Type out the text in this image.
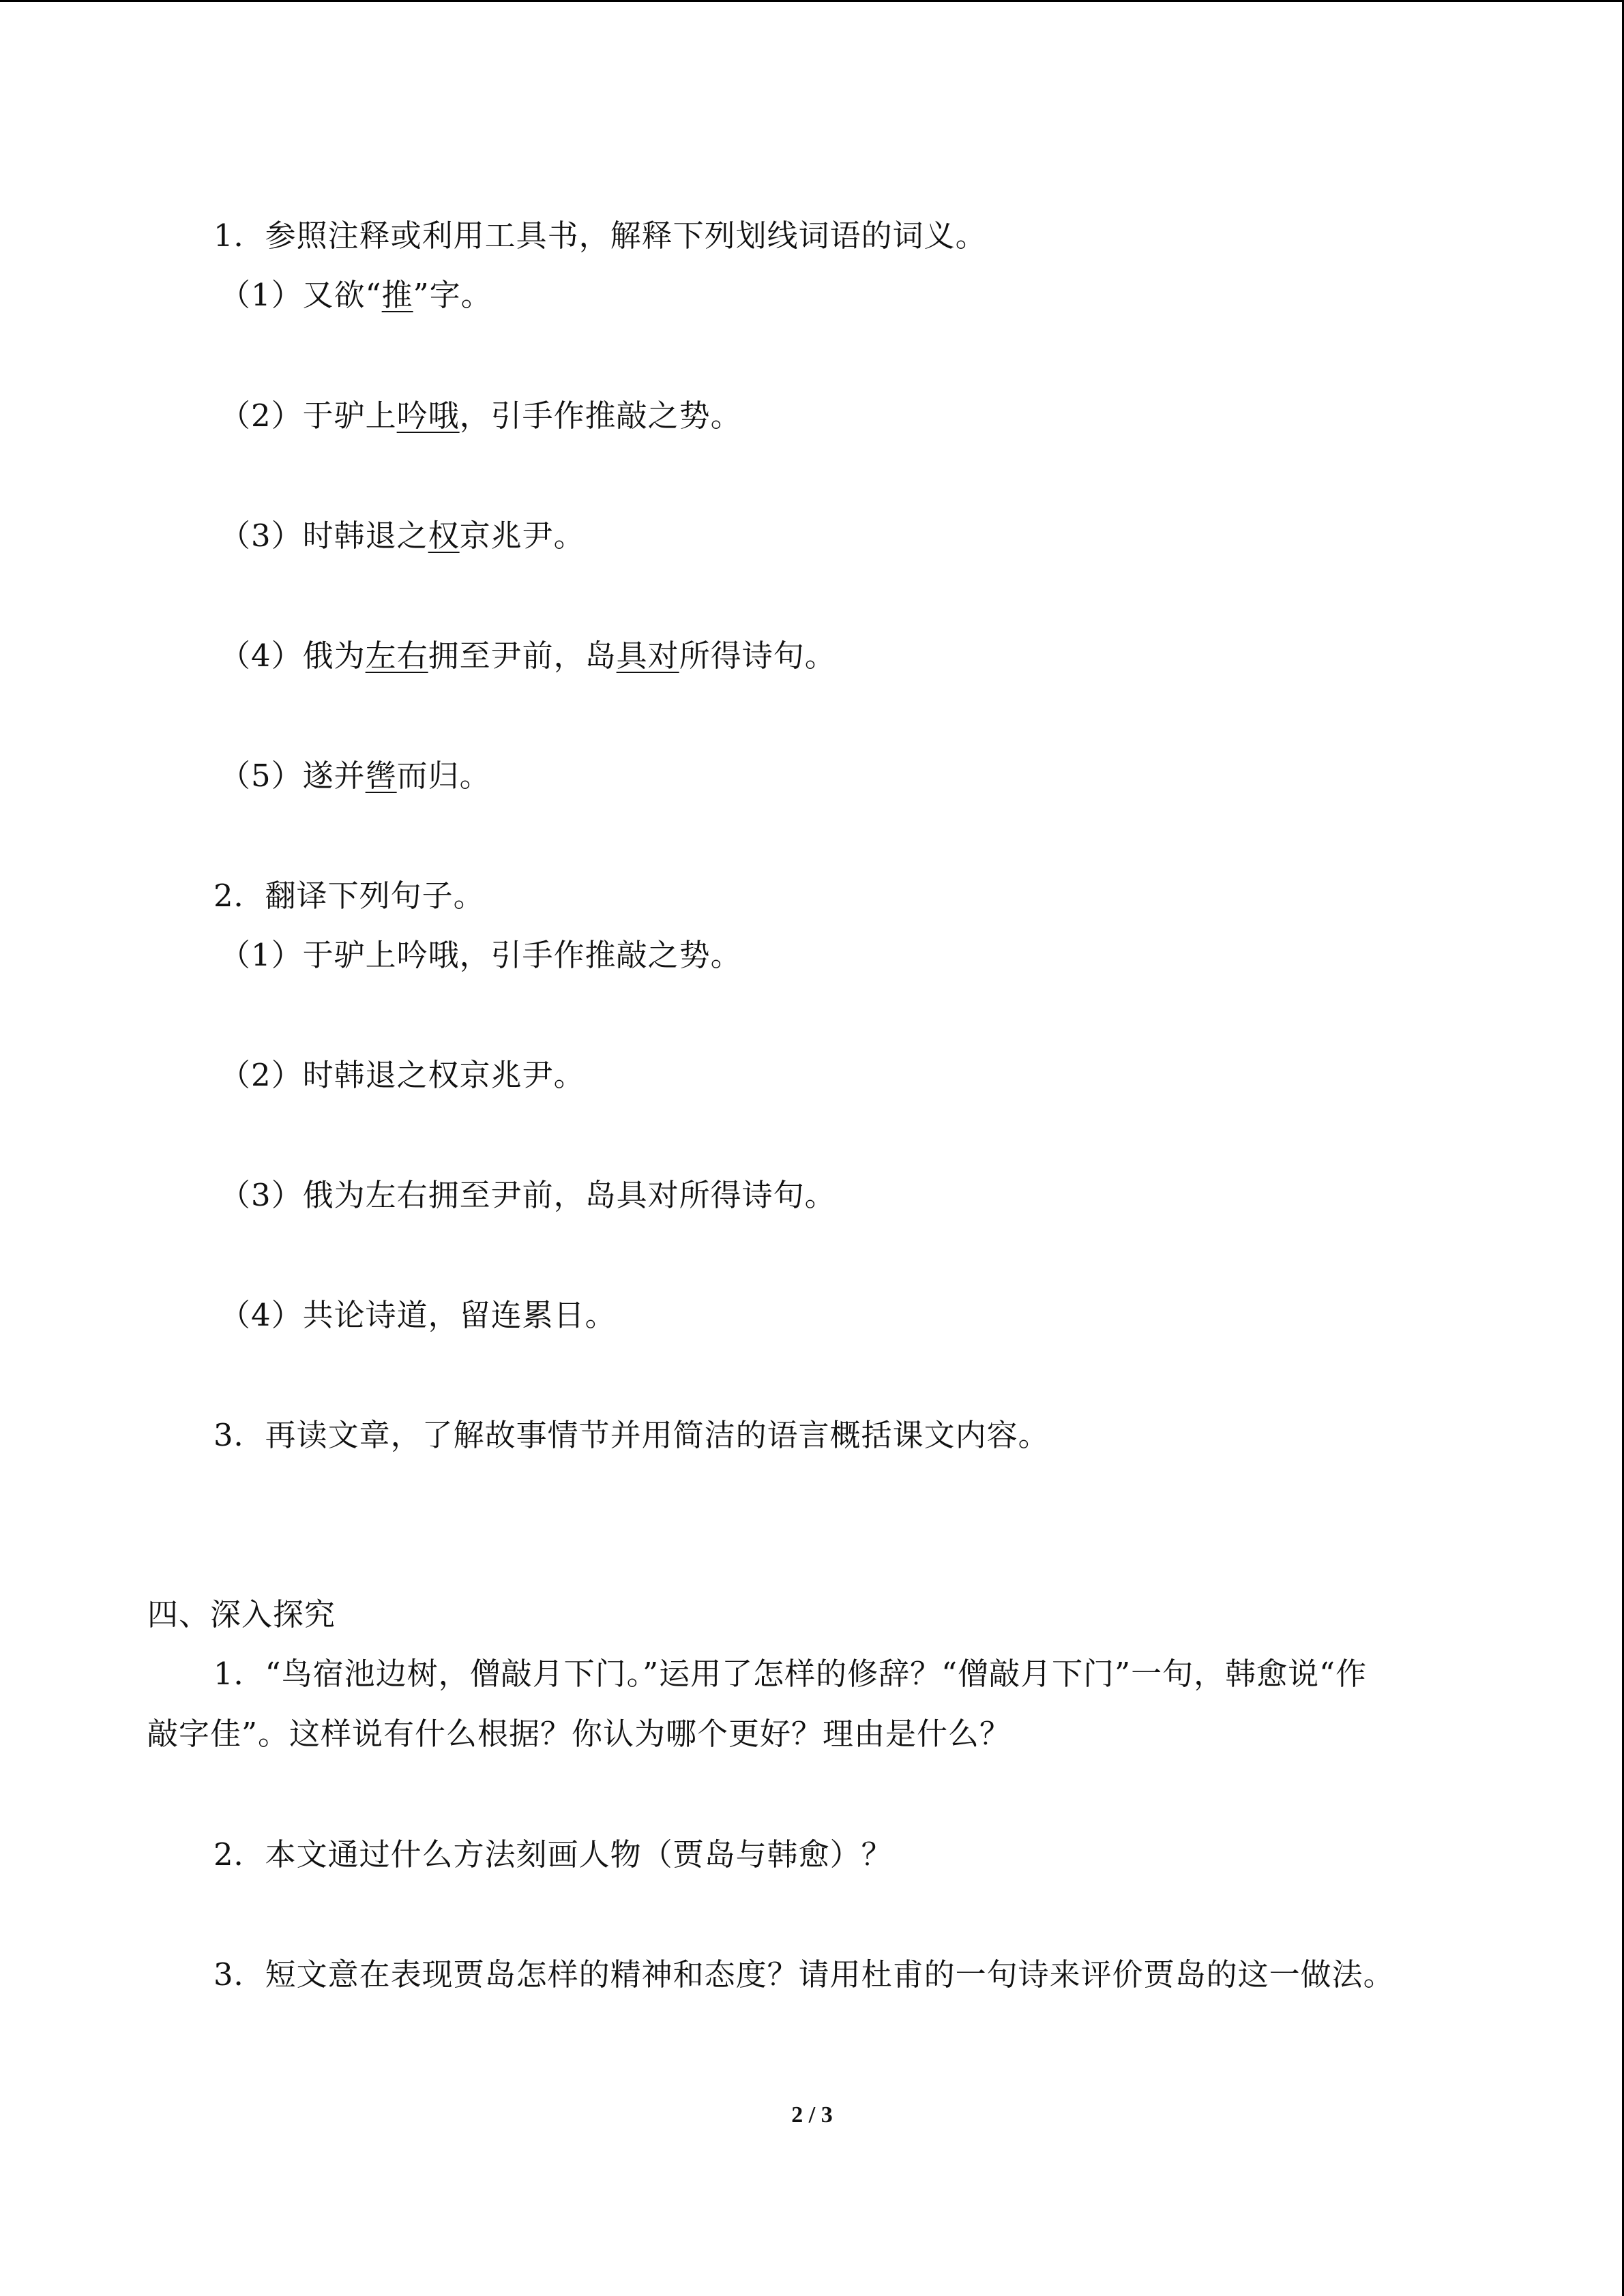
1．参照注释或利用工具书，解释下列划线词语的词义。
（1）又欲“推”字。
（2）于驴上吟哦，引手作推敲之势。
（3）时韩退之权京兆尹。
（4）俄为左右拥至尹前，岛具对所得诗句。
（5）遂并辔而归。
2．翻译下列句子。
（1）于驴上吟哦，引手作推敲之势。
（2）时韩退之权京兆尹。
（3）俄为左右拥至尹前，岛具对所得诗句。
（4）共论诗道，留连累日。
3．再读文章，了解故事情节并用简洁的语言概括课文内容。
四、深入探究
1．“鸟宿池边树，僧敲月下门。”运用了怎样的修辞？“僧敲月下门”一句，韩愈说“作
敲字佳”。这样说有什么根据？你认为哪个更好？理由是什么？
2．本文通过什么方法刻画人物（贾岛与韩愈）？
3．短文意在表现贾岛怎样的精神和态度？请用杜甫的一句诗来评价贾岛的这一做法。
2 / 3
